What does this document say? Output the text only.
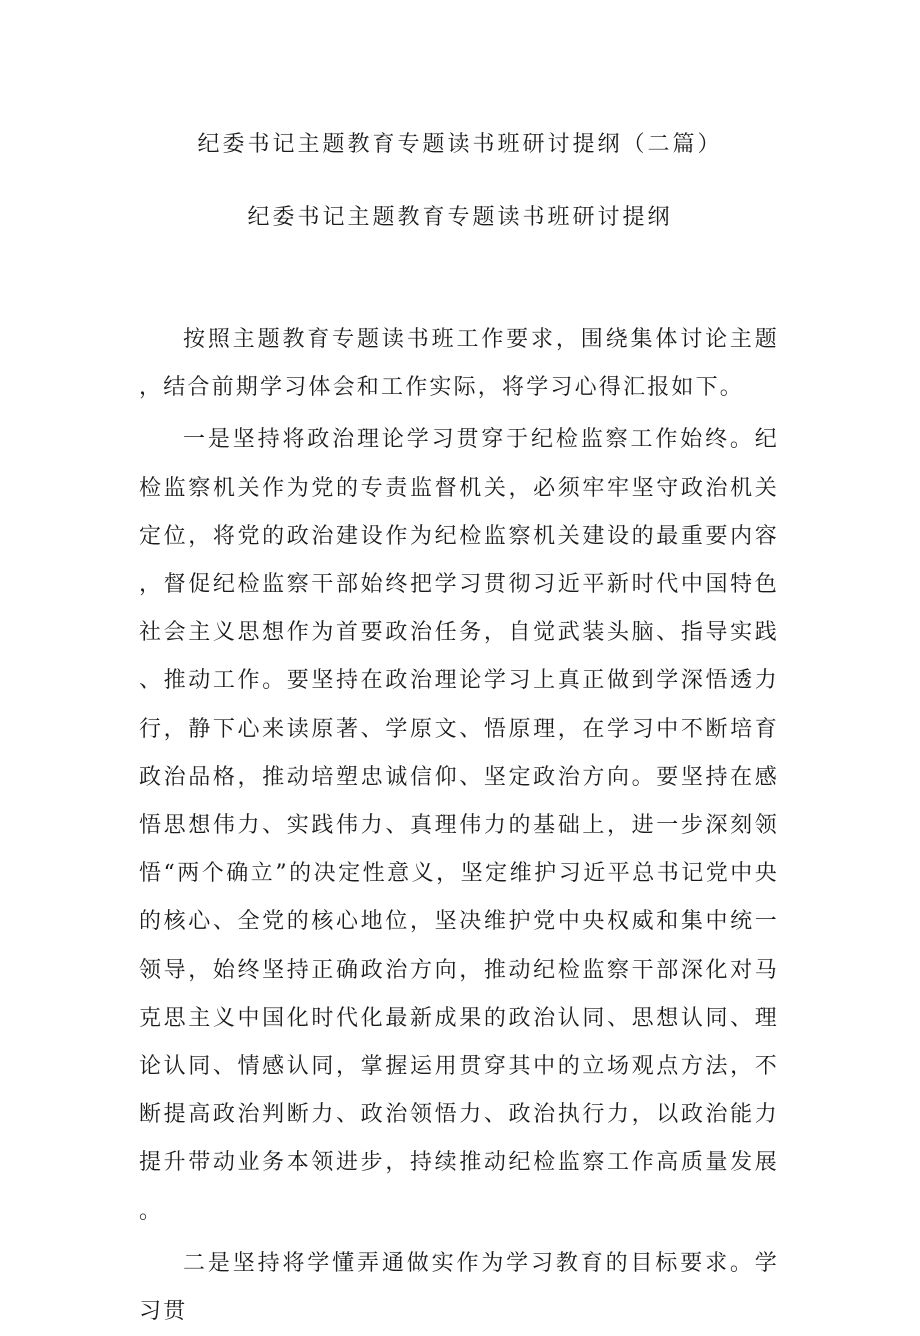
纪委书记主题教育专题读书班研讨提纲（二篇）
纪委书记主题教育专题读书班研讨提纲

按照主题教育专题读书班工作要求，围绕集体讨论主题，结合前期学习体会和工作实际，将学习心得汇报如下。

一是坚持将政治理论学习贯穿于纪检监察工作始终。纪检监察机关作为党的专责监督机关，必须牢牢坚守政治机关定位，将党的政治建设作为纪检监察机关建设的最重要内容，督促纪检监察干部始终把学习贯彻习近平新时代中国特色社会主义思想作为首要政治任务，自觉武装头脑、指导实践、推动工作。要坚持在政治理论学习上真正做到学深悟透力行，静下心来读原著、学原文、悟原理，在学习中不断培育政治品格，推动培塑忠诚信仰、坚定政治方向。要坚持在感悟思想伟力、实践伟力、真理伟力的基础上，进一步深刻领悟“两个确立”的决定性意义，坚定维护习近平总书记党中央的核心、全党的核心地位，坚决维护党中央权威和集中统一领导，始终坚持正确政治方向，推动纪检监察干部深化对马克思主义中国化时代化最新成果的政治认同、思想认同、理论认同、情感认同，掌握运用贯穿其中的立场观点方法，不断提高政治判断力、政治领悟力、政治执行力，以政治能力提升带动业务本领进步，持续推动纪检监察工作高质量发展。

二是坚持将学懂弄通做实作为学习教育的目标要求。学习贯
